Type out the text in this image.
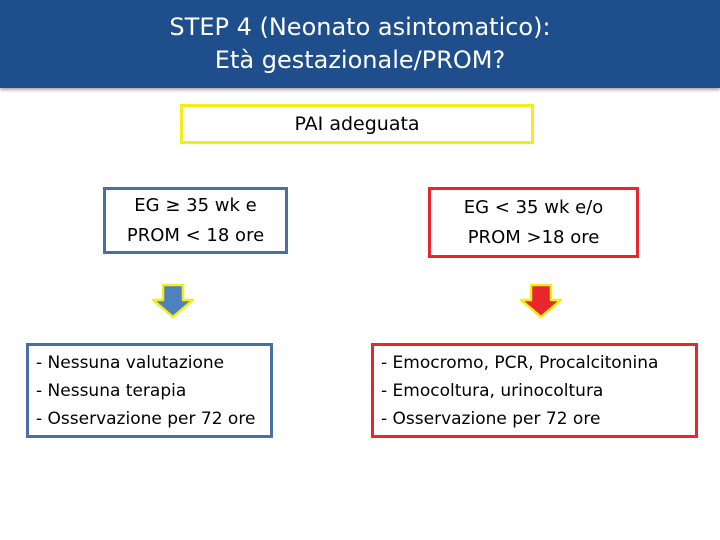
STEP 4 (Neonato asintomatico):
Età gestazionale/PROM?
PAI adeguata
EG ≥ 35 wk e
PROM < 18 ore
EG < 35 wk e/o
PROM >18 ore
- Nessuna valutazione
- Nessuna terapia
- Osservazione per 72 ore
- Emocromo, PCR, Procalcitonina
- Emocoltura, urinocoltura
- Osservazione per 72 ore
